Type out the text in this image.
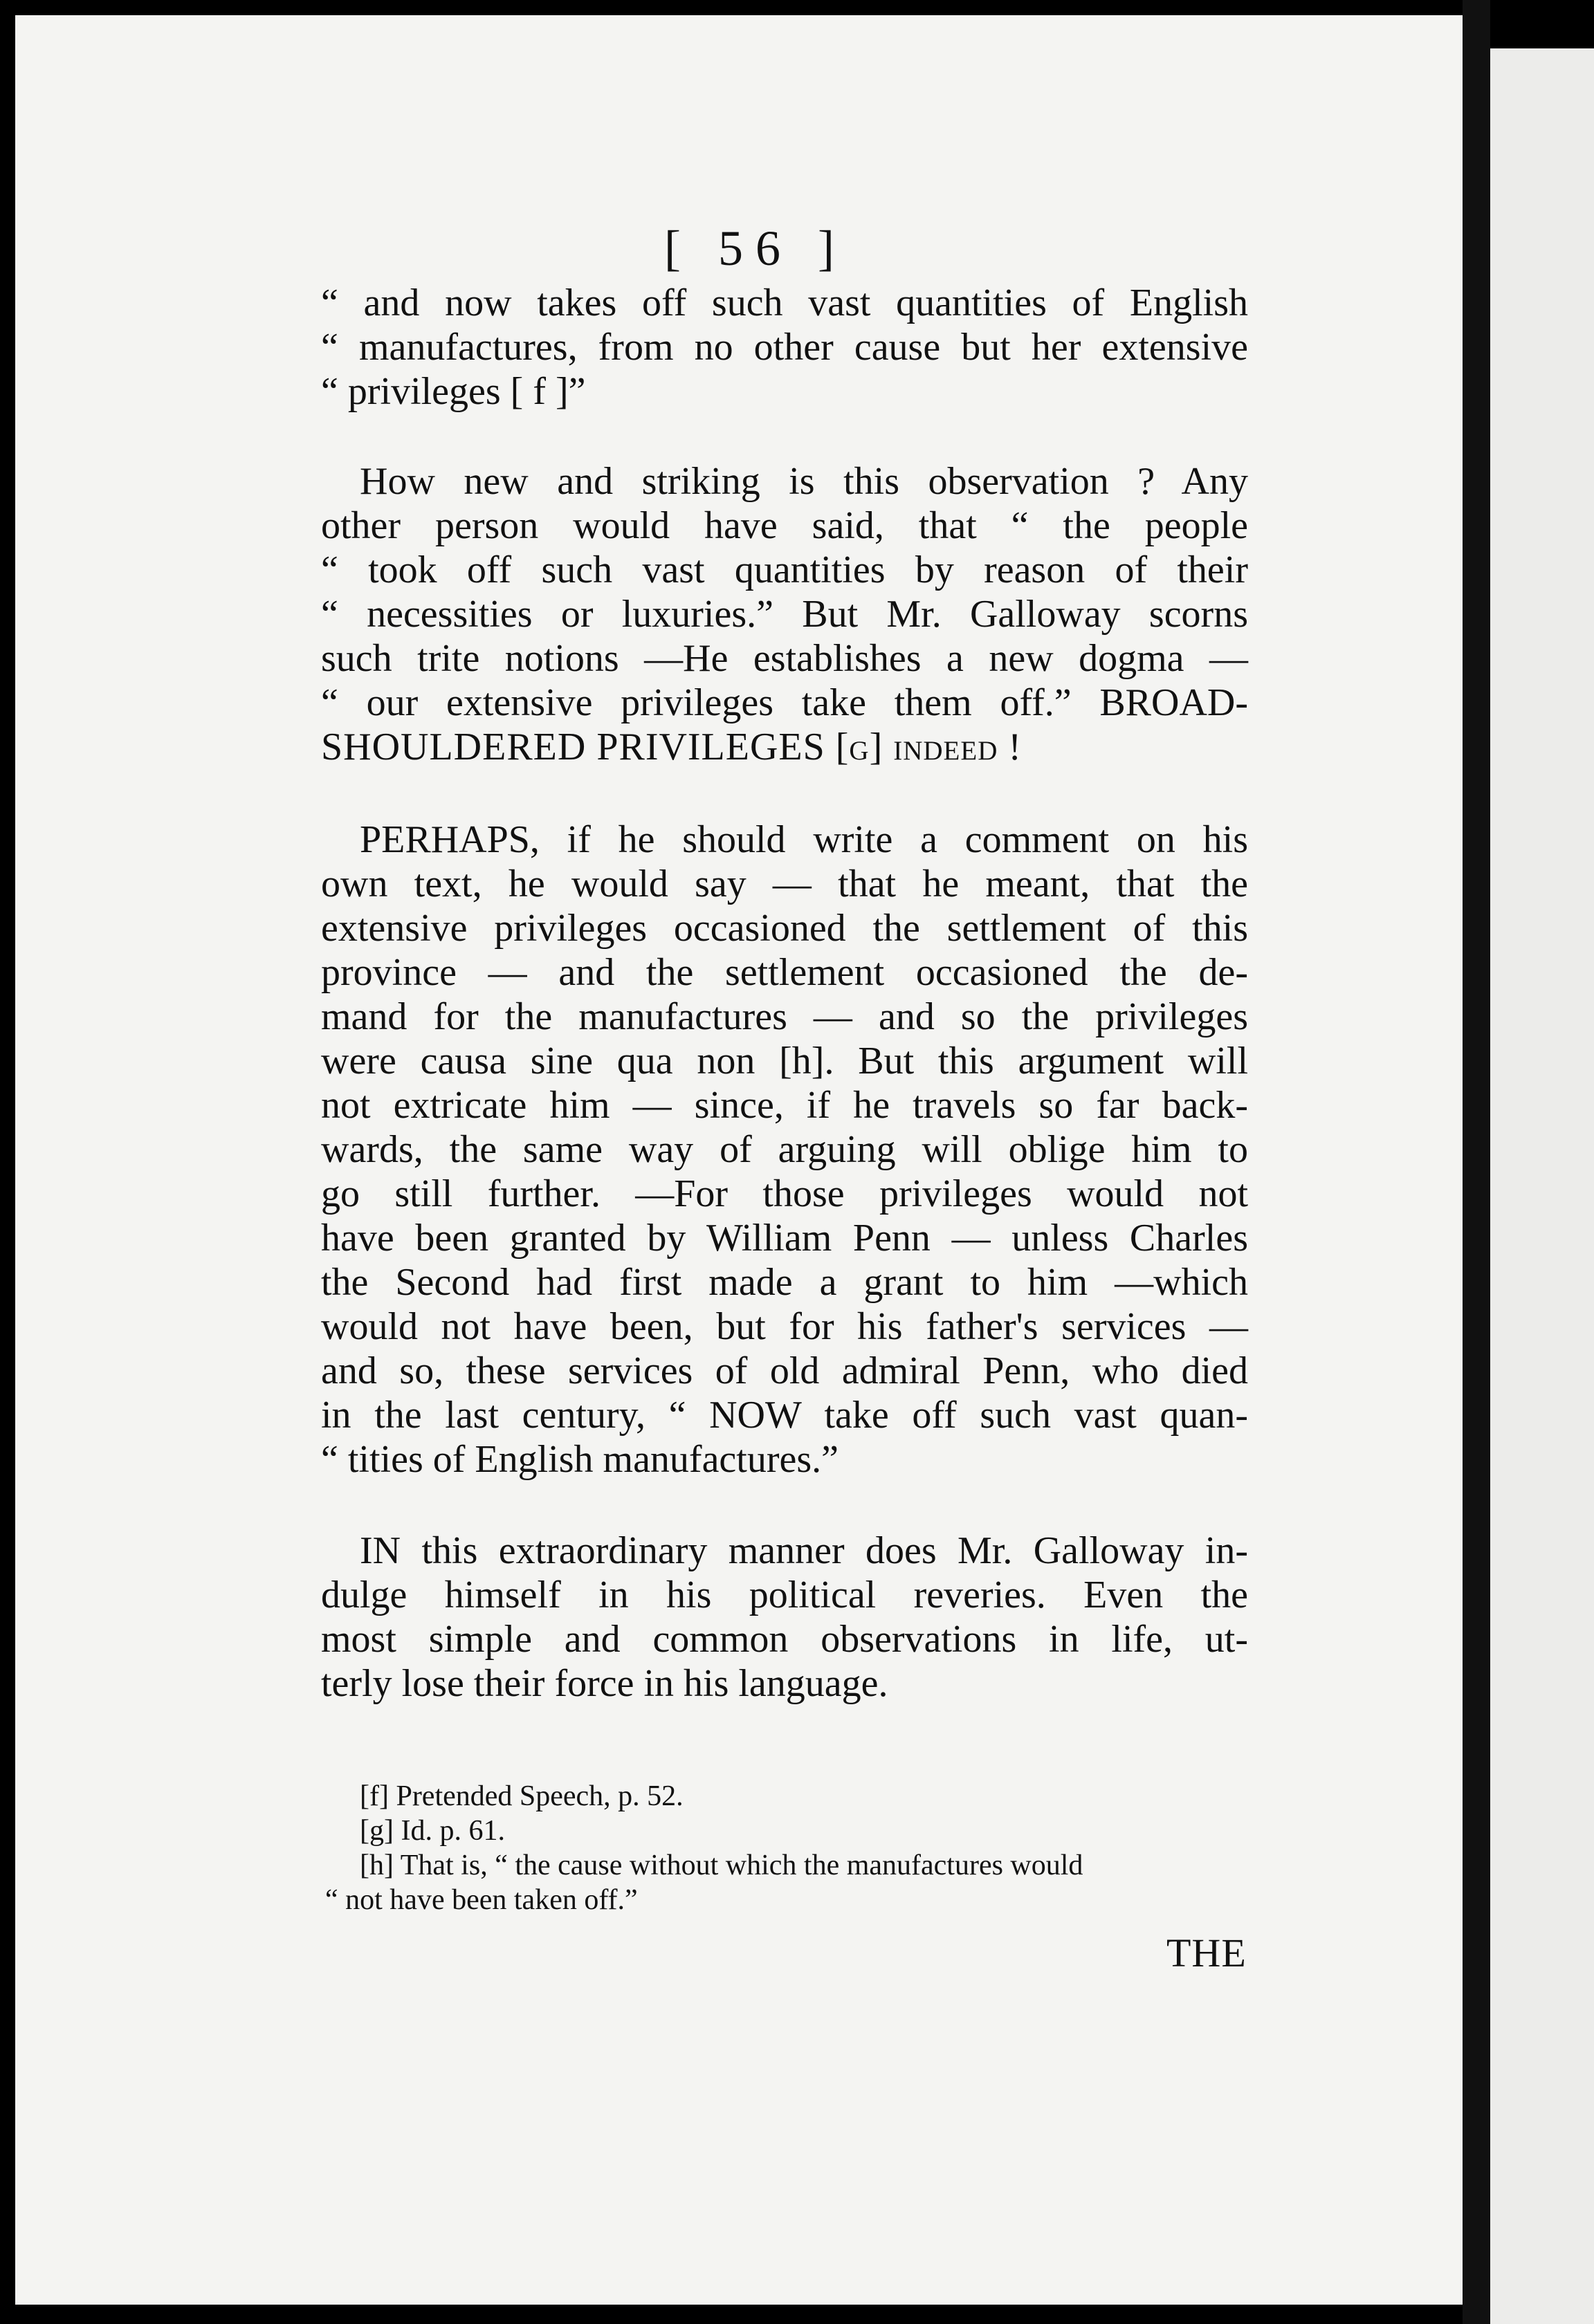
[ 56 ]
“ and now takes off such vast quantities of English
“ manufactures, from no other cause but her extensive
“ privileges [ f ]”
How new and striking is this observation ? Any
other person would have said, that “ the people
“ took off such vast quantities by reason of their
“ necessities or luxuries.” But Mr. Galloway scorns
such trite notions —He establishes a new dogma —
“ our extensive privileges take them off.” BROAD-
SHOULDERED PRIVILEGES [g] indeed !
PERHAPS, if he should write a comment on his
own text, he would say — that he meant, that the
extensive privileges occasioned the settlement of this
province — and the settlement occasioned the de-
mand for the manufactures — and so the privileges
were causa sine qua non [h]. But this argument will
not extricate him — since, if he travels so far back-
wards, the same way of arguing will oblige him to
go still further. —For those privileges would not
have been granted by William Penn — unless Charles
the Second had first made a grant to him —which
would not have been, but for his father's services —
and so, these services of old admiral Penn, who died
in the last century, “ NOW take off such vast quan-
“ tities of English manufactures.”
IN this extraordinary manner does Mr. Galloway in-
dulge himself in his political reveries. Even the
most simple and common observations in life, ut-
terly lose their force in his language.
[f] Pretended Speech, p. 52.
[g] Id. p. 61.
[h] That is, “ the cause without which the manufactures would
“ not have been taken off.”
THE
